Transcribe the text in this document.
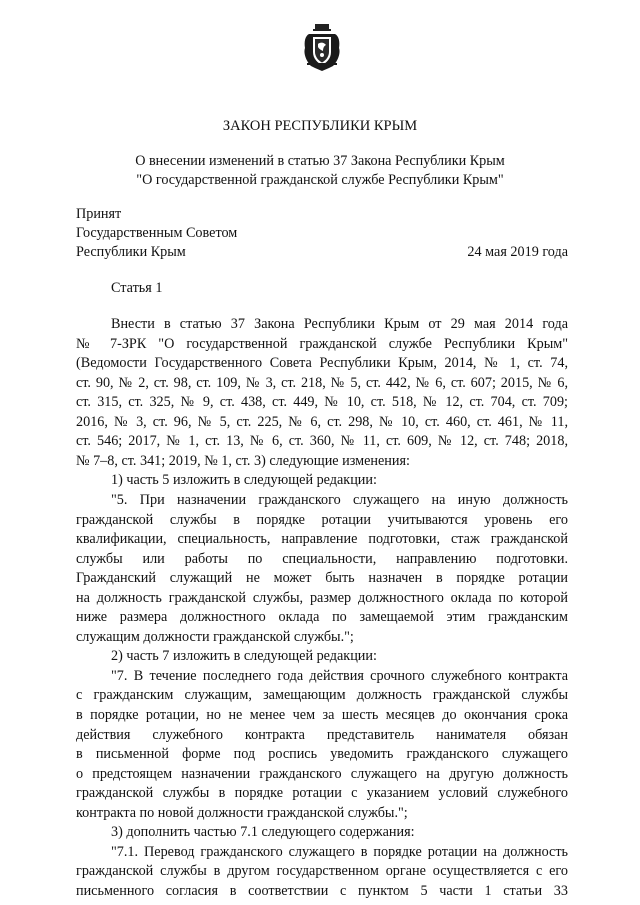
ЗАКОН РЕСПУБЛИКИ КРЫМ
О внесении изменений в статью 37 Закона Республики Крым
"О государственной гражданской службе Республики Крым"
Принят
Государственным Советом
Республики Крым	24 мая 2019 года
Статья 1
Внести в статью 37 Закона Республики Крым от 29 мая 2014 года
№ 7-ЗРК "О государственной гражданской службе Республики Крым"
(Ведомости Государственного Совета Республики Крым, 2014, № 1, ст. 74,
ст. 90, № 2, ст. 98, ст. 109, № 3, ст. 218, № 5, ст. 442, № 6, ст. 607; 2015, № 6,
ст. 315, ст. 325, № 9, ст. 438, ст. 449, № 10, ст. 518, № 12, ст. 704, ст. 709;
2016, № 3, ст. 96, № 5, ст. 225, № 6, ст. 298, № 10, ст. 460, ст. 461, № 11,
ст. 546; 2017, № 1, ст. 13, № 6, ст. 360, № 11, ст. 609, № 12, ст. 748; 2018,
№ 7–8, ст. 341; 2019, № 1, ст. 3) следующие изменения:
1) часть 5 изложить в следующей редакции:
"5. При назначении гражданского служащего на иную должность
гражданской службы в порядке ротации учитываются уровень его
квалификации, специальность, направление подготовки, стаж гражданской
службы или работы по специальности, направлению подготовки.
Гражданский служащий не может быть назначен в порядке ротации
на должность гражданской службы, размер должностного оклада по которой
ниже размера должностного оклада по замещаемой этим гражданским
служащим должности гражданской службы.";
2) часть 7 изложить в следующей редакции:
"7. В течение последнего года действия срочного служебного контракта
с гражданским служащим, замещающим должность гражданской службы
в порядке ротации, но не менее чем за шесть месяцев до окончания срока
действия служебного контракта представитель нанимателя обязан
в письменной форме под роспись уведомить гражданского служащего
о предстоящем назначении гражданского служащего на другую должность
гражданской службы в порядке ротации с указанием условий служебного
контракта по новой должности гражданской службы.";
3) дополнить частью 7.1 следующего содержания:
"7.1. Перевод гражданского служащего в порядке ротации на должность
гражданской службы в другом государственном органе осуществляется с его
письменного согласия в соответствии с пунктом 5 части 1 статьи 33
